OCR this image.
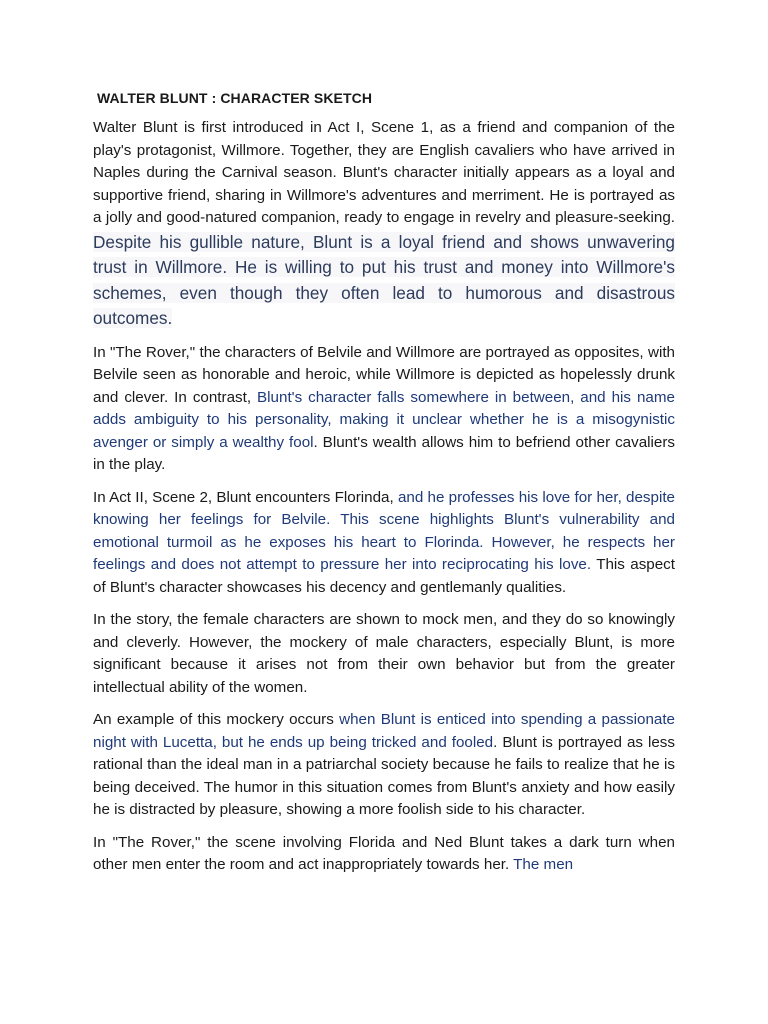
WALTER BLUNT : CHARACTER SKETCH

Walter Blunt is first introduced in Act I, Scene 1, as a friend and companion of the play's protagonist, Willmore. Together, they are English cavaliers who have arrived in Naples during the Carnival season. Blunt's character initially appears as a loyal and supportive friend, sharing in Willmore's adventures and merriment. He is portrayed as a jolly and good-natured companion, ready to engage in revelry and pleasure-seeking. Despite his gullible nature, Blunt is a loyal friend and shows unwavering trust in Willmore. He is willing to put his trust and money into Willmore's schemes, even though they often lead to humorous and disastrous outcomes.

In "The Rover," the characters of Belvile and Willmore are portrayed as opposites, with Belvile seen as honorable and heroic, while Willmore is depicted as hopelessly drunk and clever. In contrast, Blunt's character falls somewhere in between, and his name adds ambiguity to his personality, making it unclear whether he is a misogynistic avenger or simply a wealthy fool. Blunt's wealth allows him to befriend other cavaliers in the play.

In Act II, Scene 2, Blunt encounters Florinda, and he professes his love for her, despite knowing her feelings for Belvile. This scene highlights Blunt's vulnerability and emotional turmoil as he exposes his heart to Florinda. However, he respects her feelings and does not attempt to pressure her into reciprocating his love. This aspect of Blunt's character showcases his decency and gentlemanly qualities.

In the story, the female characters are shown to mock men, and they do so knowingly and cleverly. However, the mockery of male characters, especially Blunt, is more significant because it arises not from their own behavior but from the greater intellectual ability of the women.

An example of this mockery occurs when Blunt is enticed into spending a passionate night with Lucetta, but he ends up being tricked and fooled. Blunt is portrayed as less rational than the ideal man in a patriarchal society because he fails to realize that he is being deceived. The humor in this situation comes from Blunt's anxiety and how easily he is distracted by pleasure, showing a more foolish side to his character.

In "The Rover," the scene involving Florida and Ned Blunt takes a dark turn when other men enter the room and act inappropriately towards her. The men
